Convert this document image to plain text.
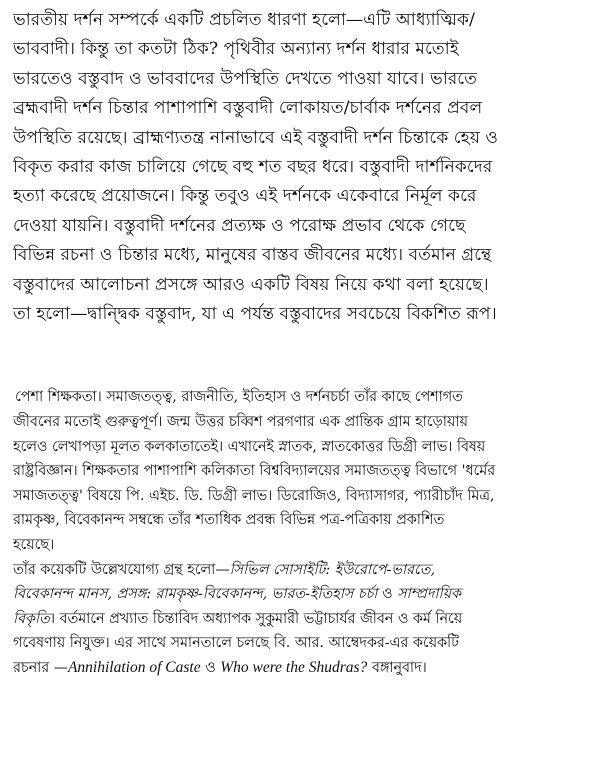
ভারতীয় দর্শন সম্পর্কে একটি প্রচলিত ধারণা হলো—এটি আধ্যাত্মিক/
ভাববাদী। কিন্তু তা কতটা ঠিক? পৃথিবীর অন্যান্য দর্শন ধারার মতোই
ভারতেও বস্তুবাদ ও ভাববাদের উপস্থিতি দেখতে পাওয়া যাবে। ভারতে
ব্রহ্মবাদী দর্শন চিন্তার পাশাপাশি বস্তুবাদী লোকায়ত/চার্বাক দর্শনের প্রবল
উপস্থিতি রয়েছে। ব্রাহ্মণ্যতন্ত্র নানাভাবে এই বস্তুবাদী দর্শন চিন্তাকে হেয় ও
বিকৃত করার কাজ চালিয়ে গেছে বহু শত বছর ধরে। বস্তুবাদী দার্শনিকদের
হত্যা করেছে প্রয়োজনে। কিন্তু তবুও এই দর্শনকে একেবারে নির্মূল করে
দেওয়া যায়নি। বস্তুবাদী দর্শনের প্রত্যক্ষ ও পরোক্ষ প্রভাব থেকে গেছে
বিভিন্ন রচনা ও চিন্তার মধ্যে, মানুষের বাস্তব জীবনের মধ্যে। বর্তমান গ্রন্থে
বস্তুবাদের আলোচনা প্রসঙ্গে আরও একটি বিষয় নিয়ে কথা বলা হয়েছে।
তা হলো—দ্বান্দ্বিক বস্তুবাদ, যা এ পর্যন্ত বস্তুবাদের সবচেয়ে বিকশিত রূপ।
পেশা শিক্ষকতা। সমাজতত্ত্ব, রাজনীতি, ইতিহাস ও দর্শনচর্চা তাঁর কাছে পেশাগত
জীবনের মতোই গুরুত্বপূর্ণ। জন্ম উত্তর চব্বিশ পরগণার এক প্রান্তিক গ্রাম হাড়োয়ায়
হলেও লেখাপড়া মূলত কলকাতাতেই। এখানেই স্নাতক, স্নাতকোত্তর ডিগ্রী লাভ। বিষয়
রাষ্ট্রবিজ্ঞান। শিক্ষকতার পাশাপাশি কলিকাতা বিশ্ববিদ্যালয়ের সমাজতত্ত্ব বিভাগে 'ধর্মের
সমাজতত্ত্ব' বিষয়ে পি. এইচ. ডি. ডিগ্রী লাভ। ডিরোজিও, বিদ্যাসাগর, প্যারীচাঁদ মিত্র,
রামকৃষ্ণ, বিবেকানন্দ সম্বন্ধে তাঁর শতাধিক প্রবন্ধ বিভিন্ন পত্র-পত্রিকায় প্রকাশিত
হয়েছে।
তাঁর কয়েকটি উল্লেখযোগ্য গ্রন্থ হলো—সিভিল সোসাইটি: ইউরোপে-ভারতে,
বিবেকানন্দ মানস, প্রসঙ্গ: রামকৃষ্ণ-বিবেকানন্দ, ভারত-ইতিহাস চর্চা ও সাম্প্রদায়িক
বিকৃতি। বর্তমানে প্রখ্যাত চিন্তাবিদ অধ্যাপক সুকুমারী ভট্টাচার্যর জীবন ও কর্ম নিয়ে
গবেষণায় নিযুক্ত। এর সাথে সমানতালে চলছে বি. আর. আম্বেদকর-এর কয়েকটি
রচনার —Annihilation of Caste ও Who were the Shudras? বঙ্গানুবাদ।
